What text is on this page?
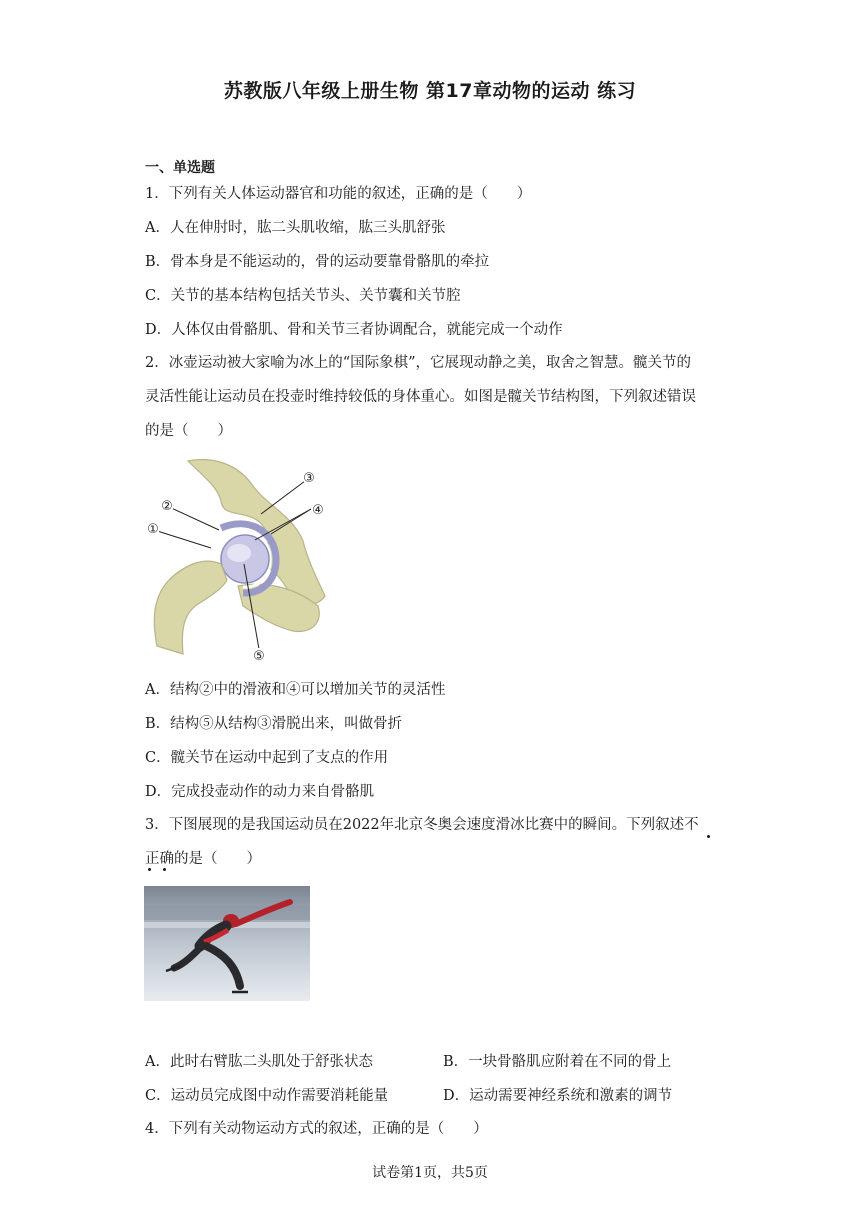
苏教版八年级上册生物 第17章动物的运动 练习
一、单选题
1．下列有关人体运动器官和功能的叙述，正确的是（　　）
A．人在伸肘时，肱二头肌收缩，肱三头肌舒张
B．骨本身是不能运动的，骨的运动要靠骨骼肌的牵拉
C．关节的基本结构包括关节头、关节囊和关节腔
D．人体仅由骨骼肌、骨和关节三者协调配合，就能完成一个动作
2．冰壶运动被大家喻为冰上的“国际象棋”，它展现动静之美，取舍之智慧。髋关节的
灵活性能让运动员在投壶时维持较低的身体重心。如图是髋关节结构图，下列叙述错误
的是（　　）
①
②
③
④
⑤
A．结构②中的滑液和④可以增加关节的灵活性
B．结构⑤从结构③滑脱出来，叫做骨折
C．髋关节在运动中起到了支点的作用
D．完成投壶动作的动力来自骨骼肌
3．下图展现的是我国运动员在2022年北京冬奥会速度滑冰比赛中的瞬间。下列叙述不
正确的是（　　）
A．此时右臂肱二头肌处于舒张状态	B．一块骨骼肌应附着在不同的骨上
C．运动员完成图中动作需要消耗能量	D．运动需要神经系统和激素的调节
4．下列有关动物运动方式的叙述，正确的是（　　）
试卷第1页，共5页
